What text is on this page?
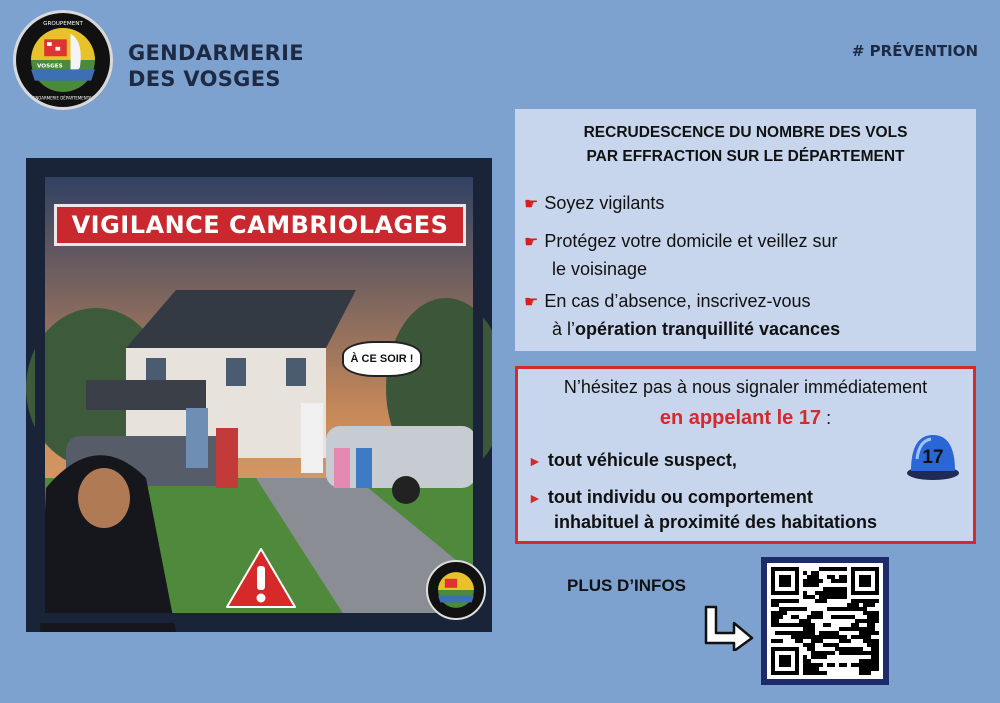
GROUPEMENT
VOSGES
GENDARMERIE DÉPARTEMENTALE
GENDARMERIE
DES VOSGES
# PRÉVENTION
VIGILANCE CAMBRIOLAGES
À CE SOIR !
RECRUDESCENCE DU NOMBRE DES VOLS
PAR EFFRACTION SUR LE DÉPARTEMENT
☛ Soyez vigilants
☛ Protégez votre domicile et veillez sur
le voisinage
☛ En cas d’absence, inscrivez-vous
à l’opération tranquillité vacances
N’hésitez pas à nous signaler immédiatement
en appelant le 17 :
► tout véhicule suspect,
► tout individu ou comportement
inhabituel à proximité des habitations
17
PLUS D’INFOS
